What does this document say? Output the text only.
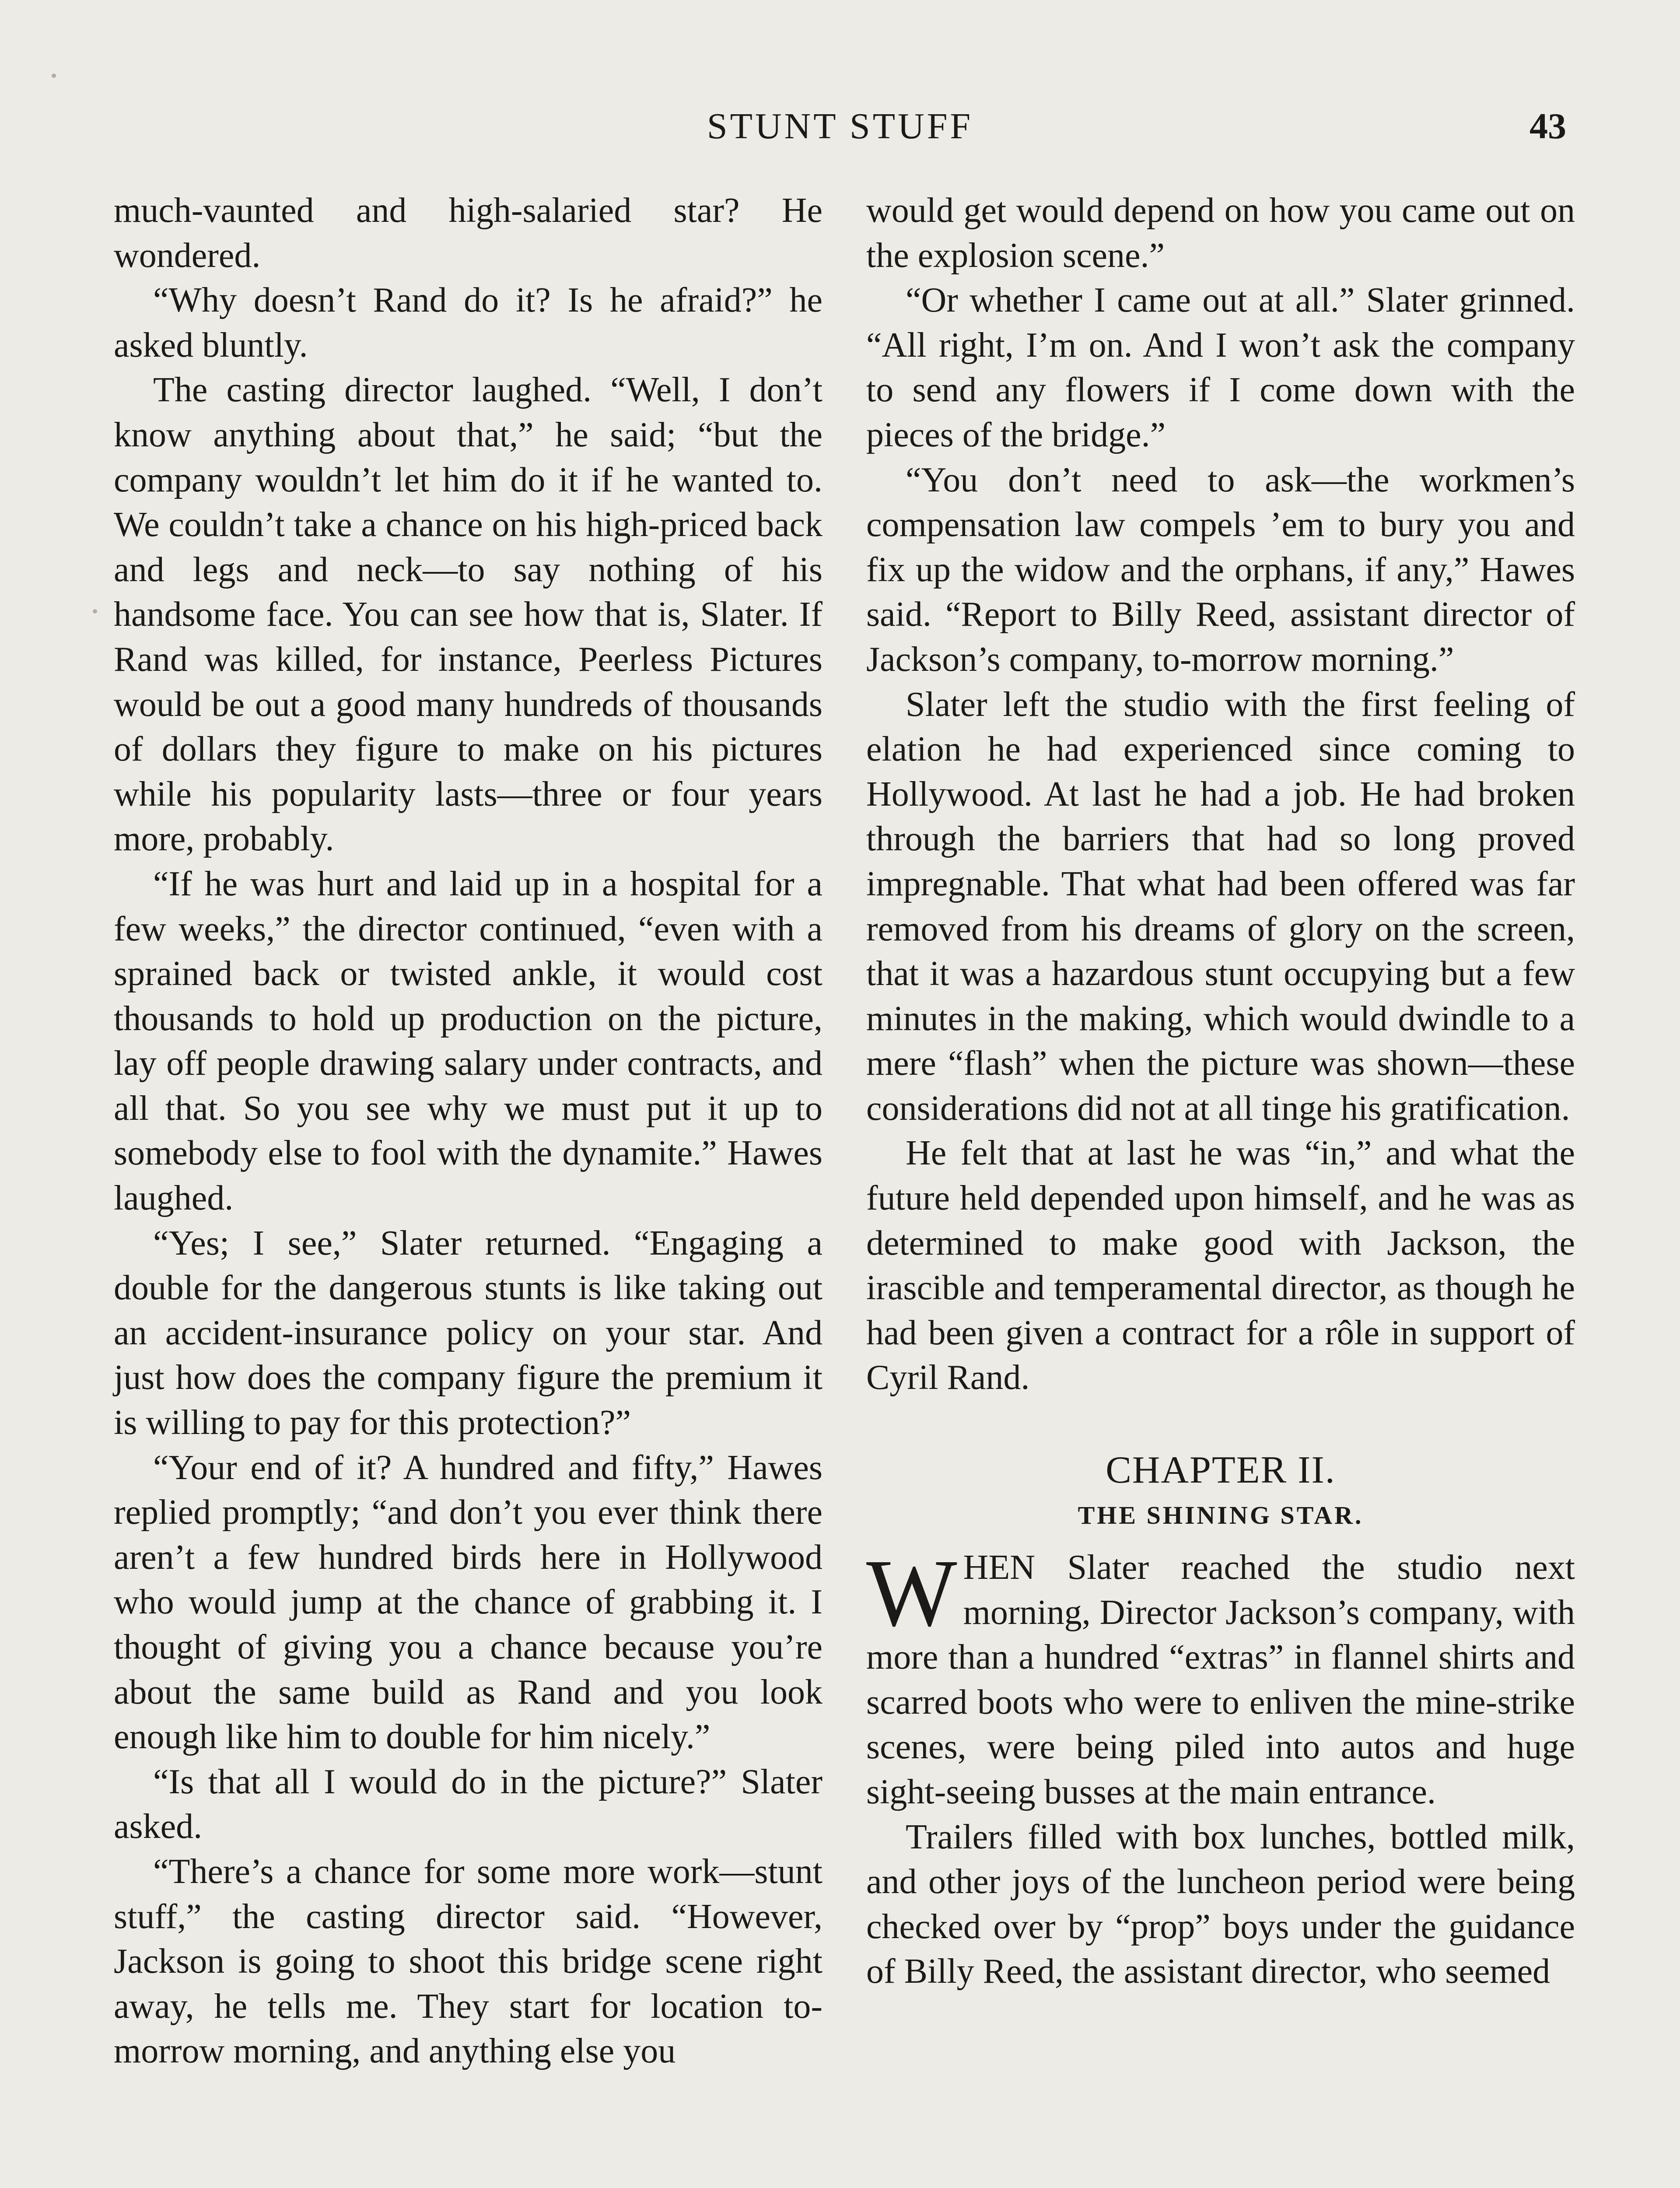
STUNT STUFF	43

much-vaunted and high-salaried star? He wondered.

“Why doesn’t Rand do it? Is he afraid?” he asked bluntly.

The casting director laughed. “Well, I don’t know anything about that,” he said; “but the company wouldn’t let him do it if he wanted to. We couldn’t take a chance on his high-priced back and legs and neck—to say nothing of his handsome face. You can see how that is, Slater. If Rand was killed, for instance, Peerless Pictures would be out a good many hundreds of thousands of dollars they figure to make on his pictures while his popularity lasts—three or four years more, probably.

“If he was hurt and laid up in a hospital for a few weeks,” the director continued, “even with a sprained back or twisted ankle, it would cost thousands to hold up production on the picture, lay off people drawing salary under contracts, and all that. So you see why we must put it up to somebody else to fool with the dynamite.” Hawes laughed.

“Yes; I see,” Slater returned. “Engaging a double for the dangerous stunts is like taking out an accident-insurance policy on your star. And just how does the company figure the premium it is willing to pay for this protection?”

“Your end of it? A hundred and fifty,” Hawes replied promptly; “and don’t you ever think there aren’t a few hundred birds here in Hollywood who would jump at the chance of grabbing it. I thought of giving you a chance because you’re about the same build as Rand and you look enough like him to double for him nicely.”

“Is that all I would do in the picture?” Slater asked.

“There’s a chance for some more work—stunt stuff,” the casting director said. “However, Jackson is going to shoot this bridge scene right away, he tells me. They start for location to-morrow morning, and anything else you

would get would depend on how you came out on the explosion scene.”

“Or whether I came out at all.” Slater grinned. “All right, I’m on. And I won’t ask the company to send any flowers if I come down with the pieces of the bridge.”

“You don’t need to ask—the workmen’s compensation law compels ’em to bury you and fix up the widow and the orphans, if any,” Hawes said. “Report to Billy Reed, assistant director of Jackson’s company, to-morrow morning.”

Slater left the studio with the first feeling of elation he had experienced since coming to Hollywood. At last he had a job. He had broken through the barriers that had so long proved impregnable. That what had been offered was far removed from his dreams of glory on the screen, that it was a hazardous stunt occupying but a few minutes in the making, which would dwindle to a mere “flash” when the picture was shown—these considerations did not at all tinge his gratification.

He felt that at last he was “in,” and what the future held depended upon himself, and he was as determined to make good with Jackson, the irascible and temperamental director, as though he had been given a contract for a rôle in support of Cyril Rand.

CHAPTER II.
THE SHINING STAR.

WHEN Slater reached the studio next morning, Director Jackson’s company, with more than a hundred “extras” in flannel shirts and scarred boots who were to enliven the mine-strike scenes, were being piled into autos and huge sight-seeing busses at the main entrance.

Trailers filled with box lunches, bottled milk, and other joys of the luncheon period were being checked over by “prop” boys under the guidance of Billy Reed, the assistant director, who seemed
